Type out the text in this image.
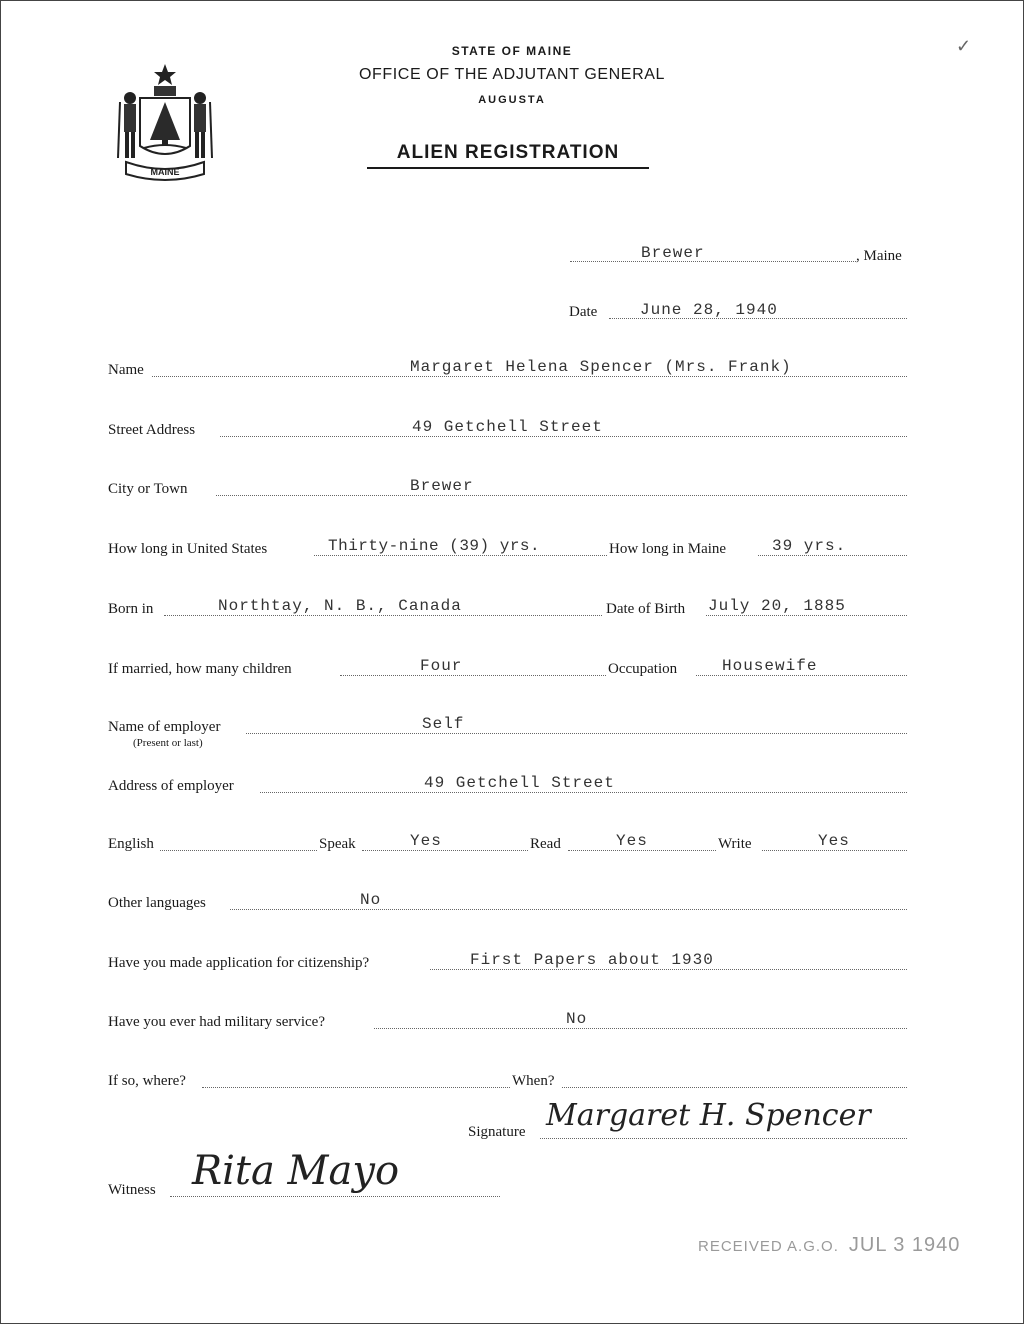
MAINE
STATE OF MAINE
OFFICE OF THE ADJUTANT GENERAL
AUGUSTA
ALIEN REGISTRATION
✓
Brewer	, Maine
Date	June 28, 1940
Name	Margaret Helena Spencer (Mrs. Frank)
Street Address	49 Getchell Street
City or Town	Brewer
How long in United States	Thirty-nine (39) yrs.	How long in Maine	39 yrs.
Born in	Northtay, N. B., Canada	Date of Birth July 20, 1885
If married, how many children	Four	Occupation	Housewife
Name of employer
(Present or last)
Self
Address of employer	49 Getchell Street
English	Speak	Yes	Read	Yes	Write	Yes
Other languages	No
Have you made application for citizenship?	First Papers about 1930
Have you ever had military service?	No
If so, where?	When?
Signature Margaret H. Spencer
Witness Rita Mayo
RECEIVED A.G.O. JUL 3 1940
